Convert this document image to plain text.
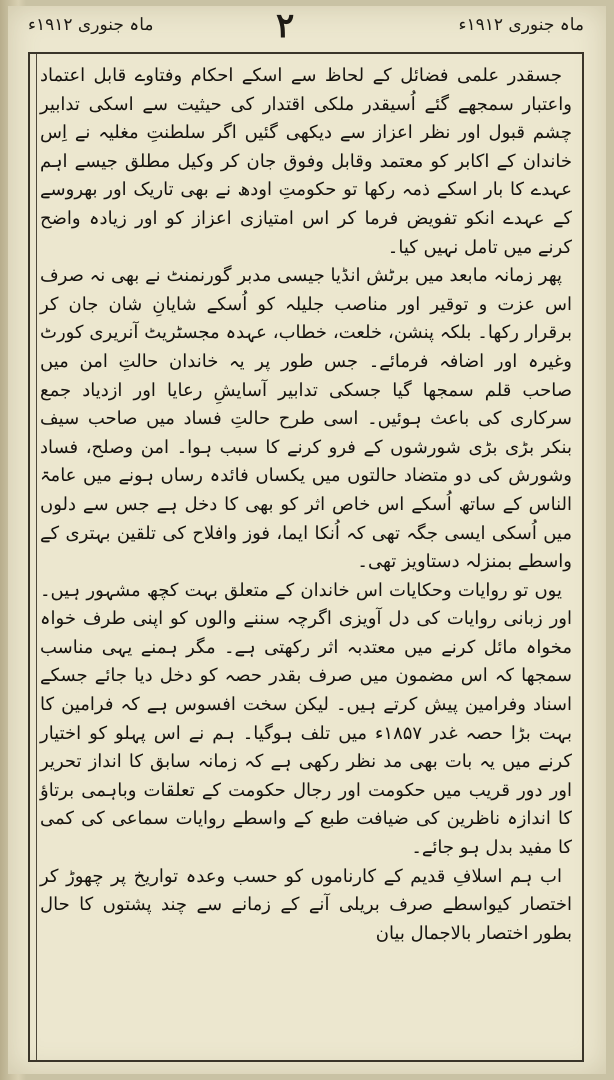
ماہ جنوری ۱۹۱۲ء	۲	ماہ جنوری ۱۹۱۲ء

جسقدر علمی فضائل کے لحاظ سے اسکے احکام وفتاوے قابل اعتماد واعتبار سمجھے گئے اُسیقدر ملکی اقتدار کی حیثیت سے اسکی تدابیر چشم قبول اور نظر اعزاز سے دیکھی گئیں اگر سلطنتِ مغلیہ نے اِس خاندان کے اکابر کو معتمد وقابل وفوق جان کر وکیل مطلق جیسے اہم عہدے کا بار اسکے ذمہ رکھا تو حکومتِ اودھ نے بھی تاریک اور بھروسے کے عہدے انکو تفویض فرما کر اس امتیازی اعزاز کو اور زیادہ واضح کرنے میں تامل نہیں کیا۔

پھر زمانہ مابعد میں برٹش انڈیا جیسی مدبر گورنمنٹ نے بھی نہ صرف اس عزت و توقیر اور مناصب جلیلہ کو اُسکے شایانِ شان جان کر برقرار رکھا۔ بلکہ پنشن، خلعت، خطاب، عہدہ مجسٹریٹ آنریری کورٹ وغیرہ اور اضافہ فرمائے۔ جس طور پر یہ خاندان حالتِ امن میں صاحب قلم سمجھا گیا جسکی تدابیر آسایشِ رعایا اور ازدیاد جمع سرکاری کی باعث ہوئیں۔ اسی طرح حالتِ فساد میں صاحب سیف بنکر بڑی بڑی شورشوں کے فرو کرنے کا سبب ہوا۔ امن وصلح، فساد وشورش کی دو متضاد حالتوں میں یکساں فائدہ رساں ہونے میں عامۃ الناس کے ساتھ اُسکے اس خاص اثر کو بھی کا دخل ہے جس سے دلوں میں اُسکی ایسی جگہ تھی کہ اُنکا ایما، فوز وافلاح کی تلقین بہتری کے واسطے بمنزلہ دستاویز تھی۔

یوں تو روایات وحکایات اس خاندان کے متعلق بہت کچھ مشہور ہیں۔ اور زبانی روایات کی دل آویزی اگرچہ سننے والوں کو اپنی طرف خواہ مخواہ مائل کرنے میں معتدبہ اثر رکھتی ہے۔ مگر ہمنے یہی مناسب سمجھا کہ اس مضمون میں صرف بقدر حصہ کو دخل دیا جائے جسکے اسناد وفرامین پیش کرتے ہیں۔ لیکن سخت افسوس ہے کہ فرامین کا بہت بڑا حصہ غدر ۱۸۵۷ء میں تلف ہوگیا۔ ہم نے اس پہلو کو اختیار کرنے میں یہ بات بھی مد نظر رکھی ہے کہ زمانہ سابق کا انداز تحریر اور دور قریب میں حکومت اور رجال حکومت کے تعلقات وباہمی برتاؤ کا اندازہ ناظرین کی ضیافت طبع کے واسطے روایات سماعی کی کمی کا مفید بدل ہو جائے۔

اب ہم اسلافِ قدیم کے کارناموں کو حسب وعدہ تواریخ پر چھوڑ کر اختصار کیواسطے صرف بریلی آنے کے زمانے سے چند پشتوں کا حال بطور اختصار بالاجمال بیان
